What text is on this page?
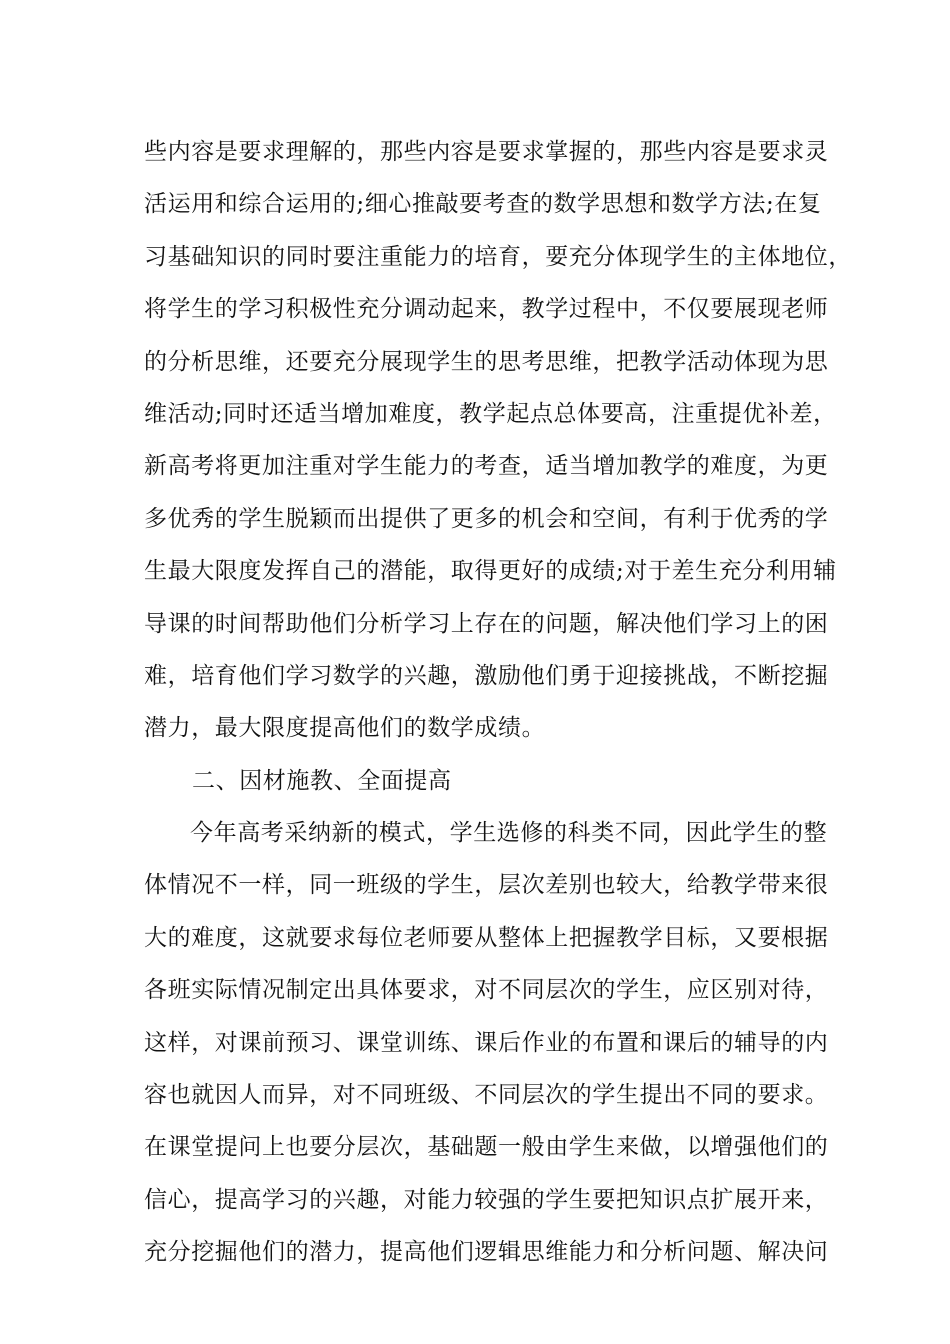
些内容是要求理解的，那些内容是要求掌握的，那些内容是要求灵
活运用和综合运用的;细心推敲要考查的数学思想和数学方法;在复
习基础知识的同时要注重能力的培育，要充分体现学生的主体地位，
将学生的学习积极性充分调动起来，教学过程中，不仅要展现老师
的分析思维，还要充分展现学生的思考思维，把教学活动体现为思
维活动;同时还适当增加难度，教学起点总体要高，注重提优补差，
新高考将更加注重对学生能力的考查，适当增加教学的难度，为更
多优秀的学生脱颖而出提供了更多的机会和空间，有利于优秀的学
生最大限度发挥自己的潜能，取得更好的成绩;对于差生充分利用辅
导课的时间帮助他们分析学习上存在的问题，解决他们学习上的困
难，培育他们学习数学的兴趣，激励他们勇于迎接挑战，不断挖掘
潜力，最大限度提高他们的数学成绩。
二、因材施教、全面提高
今年高考采纳新的模式，学生选修的科类不同，因此学生的整
体情况不一样，同一班级的学生，层次差别也较大，给教学带来很
大的难度，这就要求每位老师要从整体上把握教学目标，又要根据
各班实际情况制定出具体要求，对不同层次的学生，应区别对待，
这样，对课前预习、课堂训练、课后作业的布置和课后的辅导的内
容也就因人而异，对不同班级、不同层次的学生提出不同的要求。
在课堂提问上也要分层次，基础题一般由学生来做，以增强他们的
信心，提高学习的兴趣，对能力较强的学生要把知识点扩展开来，
充分挖掘他们的潜力，提高他们逻辑思维能力和分析问题、解决问
